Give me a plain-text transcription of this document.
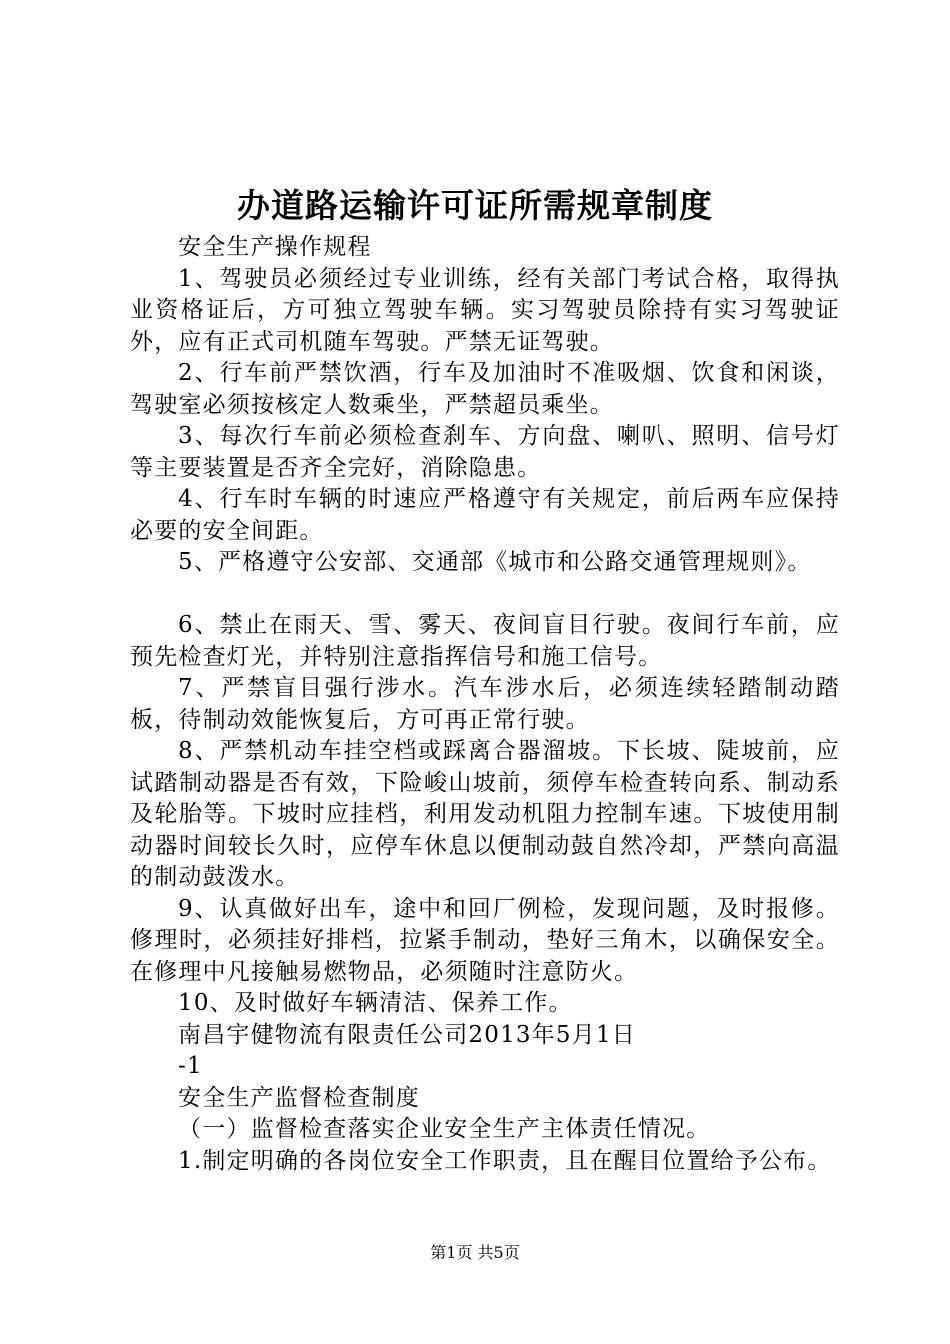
办道路运输许可证所需规章制度

安全生产操作规程

1、驾驶员必须经过专业训练，经有关部门考试合格，取得执业资格证后，方可独立驾驶车辆。实习驾驶员除持有实习驾驶证外，应有正式司机随车驾驶。严禁无证驾驶。

2、行车前严禁饮酒，行车及加油时不准吸烟、饮食和闲谈，驾驶室必须按核定人数乘坐，严禁超员乘坐。

3、每次行车前必须检查刹车、方向盘、喇叭、照明、信号灯等主要装置是否齐全完好，消除隐患。

4、行车时车辆的时速应严格遵守有关规定，前后两车应保持必要的安全间距。

5、严格遵守公安部、交通部《城市和公路交通管理规则》。

6、禁止在雨天、雪、雾天、夜间盲目行驶。夜间行车前，应预先检查灯光，并特别注意指挥信号和施工信号。

7、严禁盲目强行涉水。汽车涉水后，必须连续轻踏制动踏板，待制动效能恢复后，方可再正常行驶。

8、严禁机动车挂空档或踩离合器溜坡。下长坡、陡坡前，应试踏制动器是否有效，下险峻山坡前，须停车检查转向系、制动系及轮胎等。下坡时应挂档，利用发动机阻力控制车速。下坡使用制动器时间较长久时，应停车休息以便制动鼓自然冷却，严禁向高温的制动鼓泼水。

9、认真做好出车，途中和回厂例检，发现问题，及时报修。修理时，必须挂好排档，拉紧手制动，垫好三角木，以确保安全。在修理中凡接触易燃物品，必须随时注意防火。

10、及时做好车辆清洁、保养工作。

南昌宇健物流有限责任公司2013年5月1日

-1

安全生产监督检查制度

（一）监督检查落实企业安全生产主体责任情况。

1.制定明确的各岗位安全工作职责，且在醒目位置给予公布。

第1页 共5页
